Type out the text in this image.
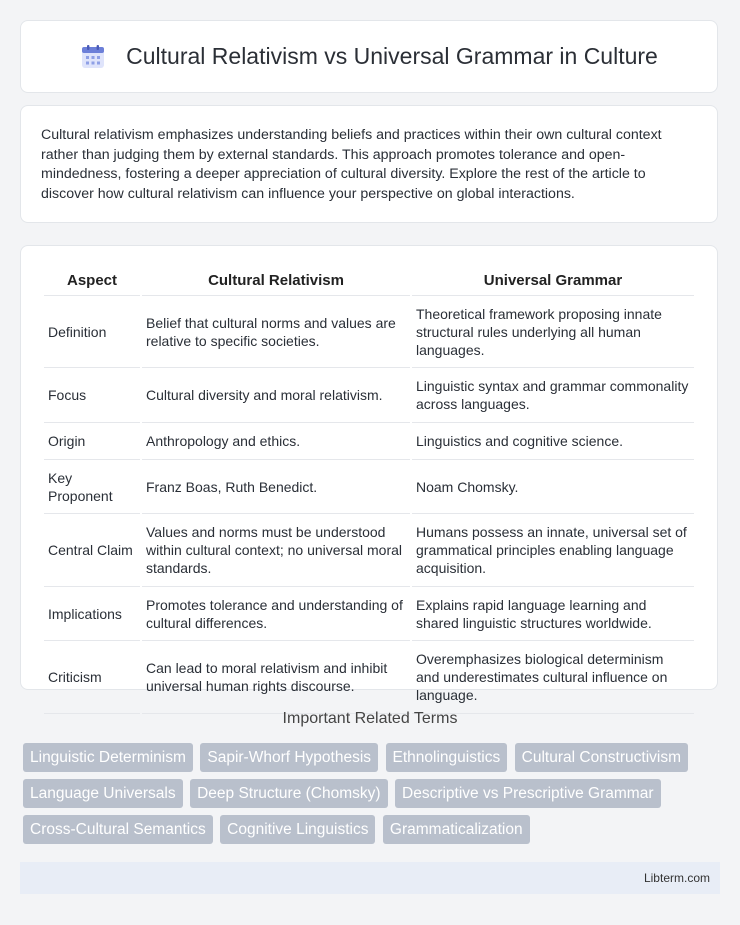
Cultural Relativism vs Universal Grammar in Culture

Cultural relativism emphasizes understanding beliefs and practices within their own cultural context rather than judging them by external standards. This approach promotes tolerance and open-mindedness, fostering a deeper appreciation of cultural diversity. Explore the rest of the article to discover how cultural relativism can influence your perspective on global interactions.

Aspect	Cultural Relativism	Universal Grammar
Definition	Belief that cultural norms and values are relative to specific societies.	Theoretical framework proposing innate structural rules underlying all human languages.
Focus	Cultural diversity and moral relativism.	Linguistic syntax and grammar commonality across languages.
Origin	Anthropology and ethics.	Linguistics and cognitive science.
Key Proponent	Franz Boas, Ruth Benedict.	Noam Chomsky.
Central Claim	Values and norms must be understood within cultural context; no universal moral standards.	Humans possess an innate, universal set of grammatical principles enabling language acquisition.
Implications	Promotes tolerance and understanding of cultural differences.	Explains rapid language learning and shared linguistic structures worldwide.
Criticism	Can lead to moral relativism and inhibit universal human rights discourse.	Overemphasizes biological determinism and underestimates cultural influence on language.
Important Related Terms
Linguistic Determinism Sapir-Whorf Hypothesis Ethnolinguistics Cultural Constructivism Language Universals Deep Structure (Chomsky) Descriptive vs Prescriptive Grammar Cross-Cultural Semantics Cognitive Linguistics Grammaticalization
Libterm.com
